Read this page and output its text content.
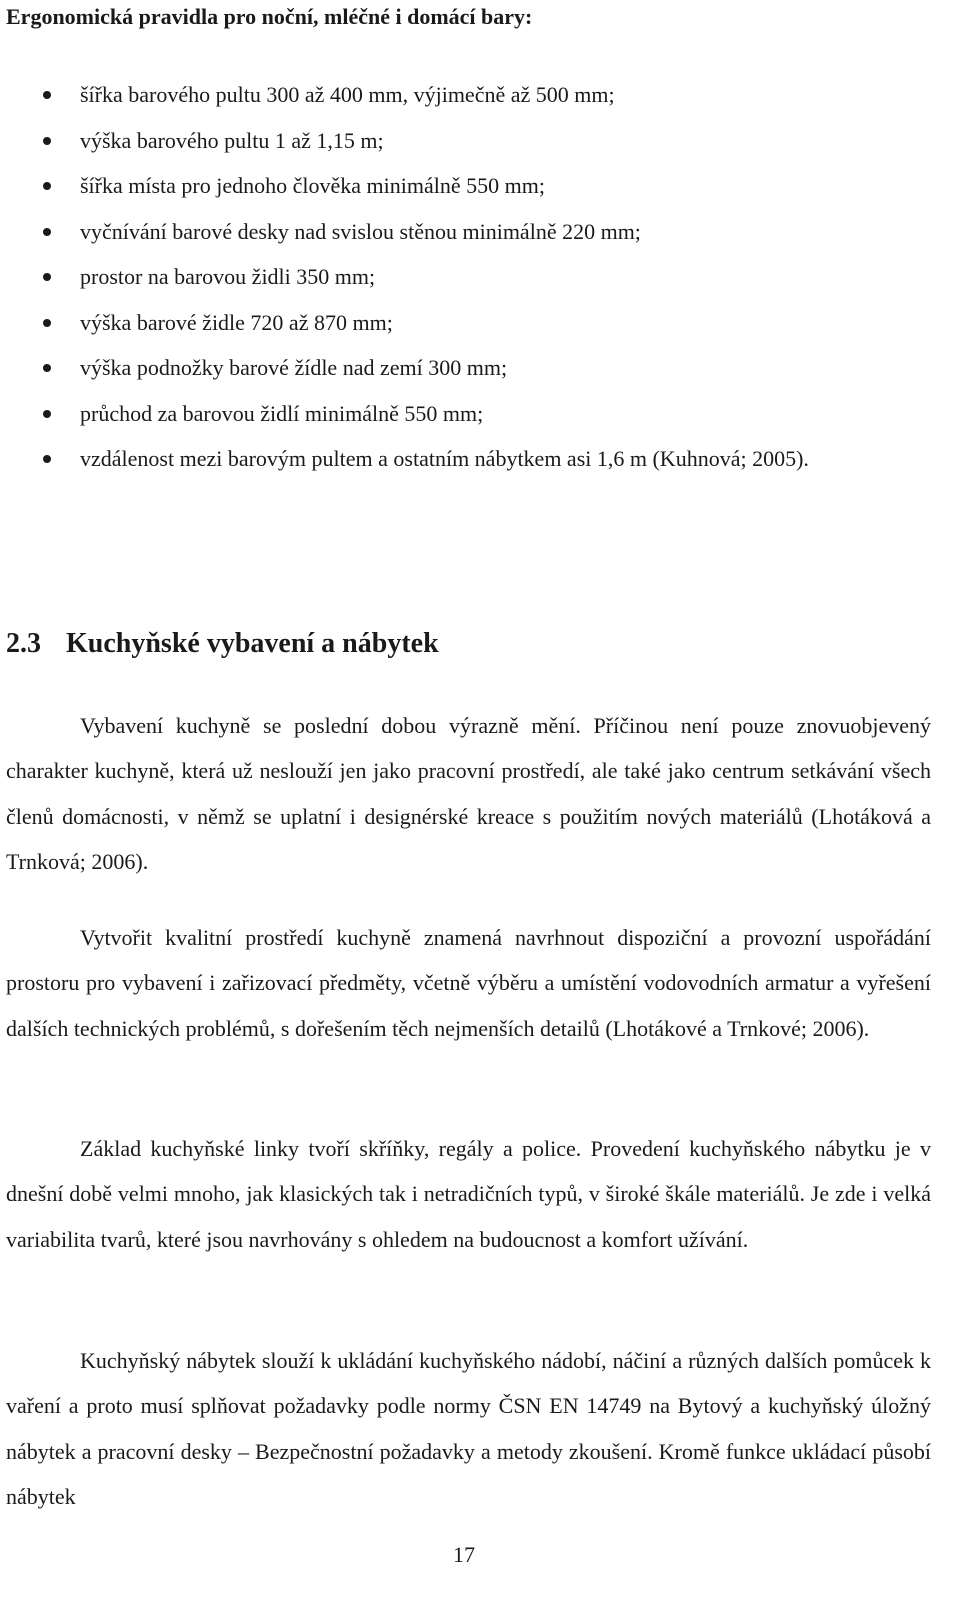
Ergonomická pravidla pro noční, mléčné i domácí bary:
šířka barového pultu 300 až 400 mm, výjimečně až 500 mm;
výška barového pultu 1 až 1,15 m;
šířka místa pro jednoho člověka minimálně 550 mm;
vyčnívání barové desky nad svislou stěnou minimálně 220 mm;
prostor na barovou židli 350 mm;
výška barové židle 720 až 870 mm;
výška podnožky barové žídle nad zemí 300 mm;
průchod za barovou židlí minimálně 550 mm;
vzdálenost mezi barovým pultem a ostatním nábytkem asi 1,6 m (Kuhnová; 2005).
2.3 Kuchyňské vybavení a nábytek

Vybavení kuchyně se poslední dobou výrazně mění. Příčinou není pouze znovuobjevený charakter kuchyně, která už neslouží jen jako pracovní prostředí, ale také jako centrum setkávání všech členů domácnosti, v němž se uplatní i designérské kreace s použitím nových materiálů (Lhotáková a Trnková; 2006).

Vytvořit kvalitní prostředí kuchyně znamená navrhnout dispoziční a provozní uspořádání prostoru pro vybavení i zařizovací předměty, včetně výběru a umístění vodovodních armatur a vyřešení dalších technických problémů, s dořešením těch nejmenších detailů (Lhotákové a Trnkové; 2006).

Základ kuchyňské linky tvoří skříňky, regály a police. Provedení kuchyňského nábytku je v dnešní době velmi mnoho, jak klasických tak i netradičních typů, v široké škále materiálů. Je zde i velká variabilita tvarů, které jsou navrhovány s ohledem na budoucnost a komfort užívání.

Kuchyňský nábytek slouží k ukládání kuchyňského nádobí, náčiní a různých dalších pomůcek k vaření a proto musí splňovat požadavky podle normy ČSN EN 14749 na Bytový a kuchyňský úložný nábytek a pracovní desky – Bezpečnostní požadavky a metody zkoušení. Kromě funkce ukládací působí nábytek

17
